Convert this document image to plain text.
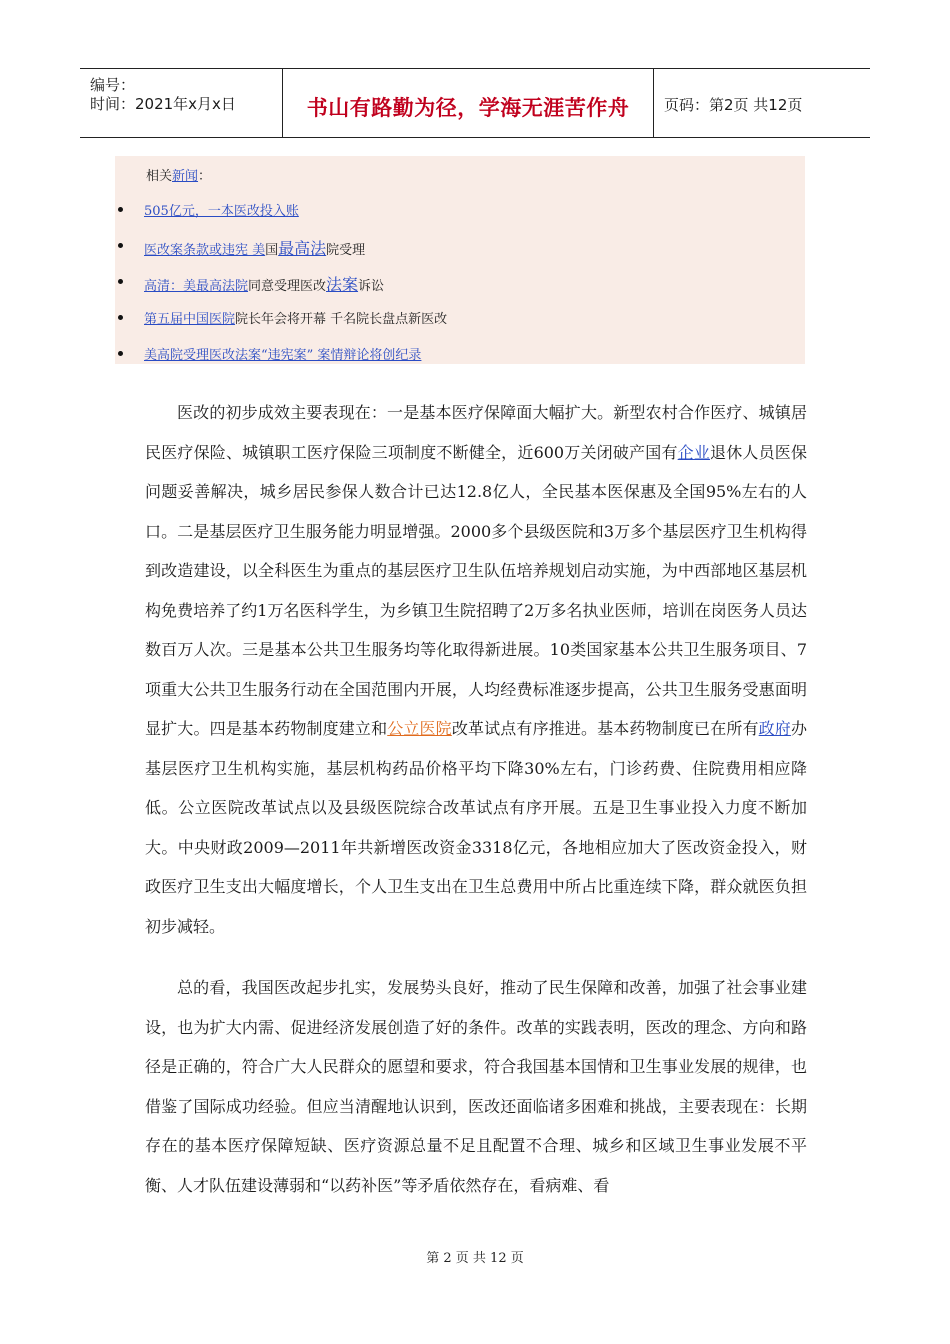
编号：
时间：2021年x月x日	书山有路勤为径，学海无涯苦作舟	页码：第2页 共12页
相关新闻：
505亿元，一本医改投入账
医改案条款或违宪 美国最高法院受理
高清：美最高法院同意受理医改法案诉讼
第五届中国医院院长年会将开幕 千名院长盘点新医改
美高院受理医改法案“违宪案” 案情辩论将创纪录

医改的初步成效主要表现在：一是基本医疗保障面大幅扩大。新型农村合作医疗、城镇居民医疗保险、城镇职工医疗保险三项制度不断健全，近600万关闭破产国有企业退休人员医保问题妥善解决，城乡居民参保人数合计已达12.8亿人，全民基本医保惠及全国95%左右的人口。二是基层医疗卫生服务能力明显增强。2000多个县级医院和3万多个基层医疗卫生机构得到改造建设，以全科医生为重点的基层医疗卫生队伍培养规划启动实施，为中西部地区基层机构免费培养了约1万名医科学生，为乡镇卫生院招聘了2万多名执业医师，培训在岗医务人员达数百万人次。三是基本公共卫生服务均等化取得新进展。10类国家基本公共卫生服务项目、7项重大公共卫生服务行动在全国范围内开展，人均经费标准逐步提高，公共卫生服务受惠面明显扩大。四是基本药物制度建立和公立医院改革试点有序推进。基本药物制度已在所有政府办基层医疗卫生机构实施，基层机构药品价格平均下降30%左右，门诊药费、住院费用相应降低。公立医院改革试点以及县级医院综合改革试点有序开展。五是卫生事业投入力度不断加大。中央财政2009—2011年共新增医改资金3318亿元，各地相应加大了医改资金投入，财政医疗卫生支出大幅度增长，个人卫生支出在卫生总费用中所占比重连续下降，群众就医负担初步减轻。

总的看，我国医改起步扎实，发展势头良好，推动了民生保障和改善，加强了社会事业建设，也为扩大内需、促进经济发展创造了好的条件。改革的实践表明，医改的理念、方向和路径是正确的，符合广大人民群众的愿望和要求，符合我国基本国情和卫生事业发展的规律，也借鉴了国际成功经验。但应当清醒地认识到，医改还面临诸多困难和挑战，主要表现在：长期存在的基本医疗保障短缺、医疗资源总量不足且配置不合理、城乡和区域卫生事业发展不平衡、人才队伍建设薄弱和“以药补医”等矛盾依然存在，看病难、看

第 2 页 共 12 页
